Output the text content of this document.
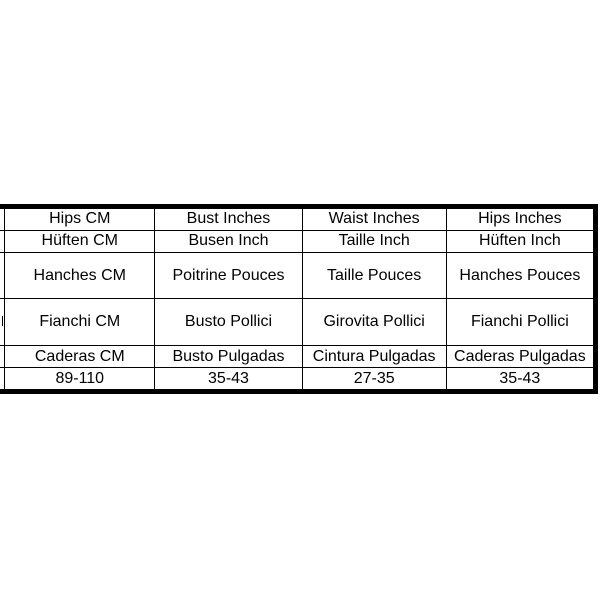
	Hips CM	Bust Inches	Waist Inches	Hips Inches
	Hüften CM	Busen Inch	Taille Inch	Hüften Inch
	Hanches CM	Poitrine Pouces	Taille Pouces	Hanches Pouces
	Fianchi CM	Busto Pollici	Girovita Pollici	Fianchi Pollici
	Caderas CM	Busto Pulgadas	Cintura Pulgadas	Caderas Pulgadas
	89-110	35-43	27-35	35-43
